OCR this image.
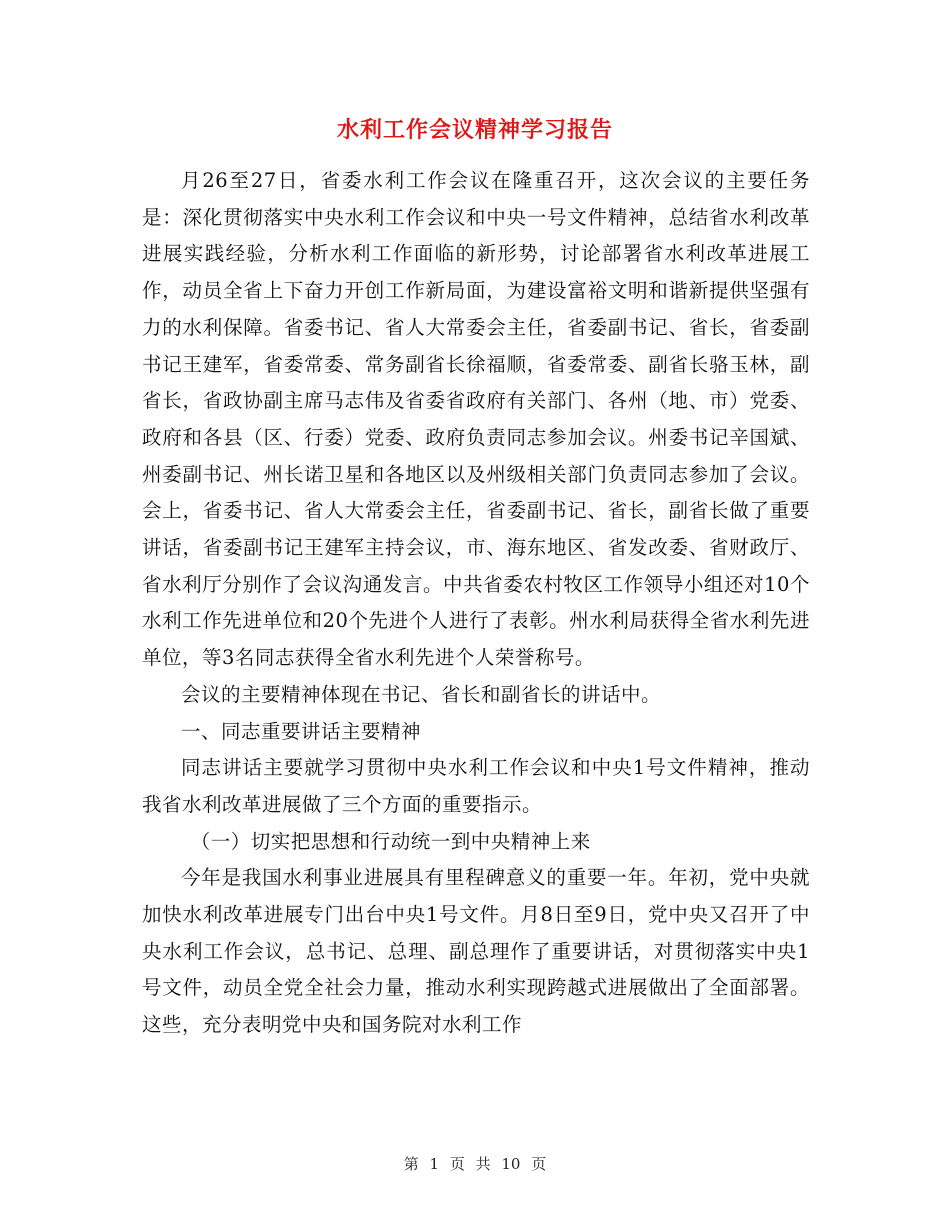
水利工作会议精神学习报告

月26至27日，省委水利工作会议在隆重召开，这次会议的主要任务是：深化贯彻落实中央水利工作会议和中央一号文件精神，总结省水利改革进展实践经验，分析水利工作面临的新形势，讨论部署省水利改革进展工作，动员全省上下奋力开创工作新局面，为建设富裕文明和谐新提供坚强有力的水利保障。省委书记、省人大常委会主任，省委副书记、省长，省委副书记王建军，省委常委、常务副省长徐福顺，省委常委、副省长骆玉林，副省长，省政协副主席马志伟及省委省政府有关部门、各州（地、市）党委、政府和各县（区、行委）党委、政府负责同志参加会议。州委书记辛国斌、州委副书记、州长诺卫星和各地区以及州级相关部门负责同志参加了会议。会上，省委书记、省人大常委会主任，省委副书记、省长，副省长做了重要讲话，省委副书记王建军主持会议，市、海东地区、省发改委、省财政厅、省水利厅分别作了会议沟通发言。中共省委农村牧区工作领导小组还对10个水利工作先进单位和20个先进个人进行了表彰。州水利局获得全省水利先进单位，等3名同志获得全省水利先进个人荣誉称号。

会议的主要精神体现在书记、省长和副省长的讲话中。

一、同志重要讲话主要精神

同志讲话主要就学习贯彻中央水利工作会议和中央1号文件精神，推动我省水利改革进展做了三个方面的重要指示。

（一）切实把思想和行动统一到中央精神上来

今年是我国水利事业进展具有里程碑意义的重要一年。年初，党中央就加快水利改革进展专门出台中央1号文件。月8日至9日，党中央又召开了中央水利工作会议，总书记、总理、副总理作了重要讲话，对贯彻落实中央1号文件，动员全党全社会力量，推动水利实现跨越式进展做出了全面部署。这些，充分表明党中央和国务院对水利工作

第 1 页 共 10 页
